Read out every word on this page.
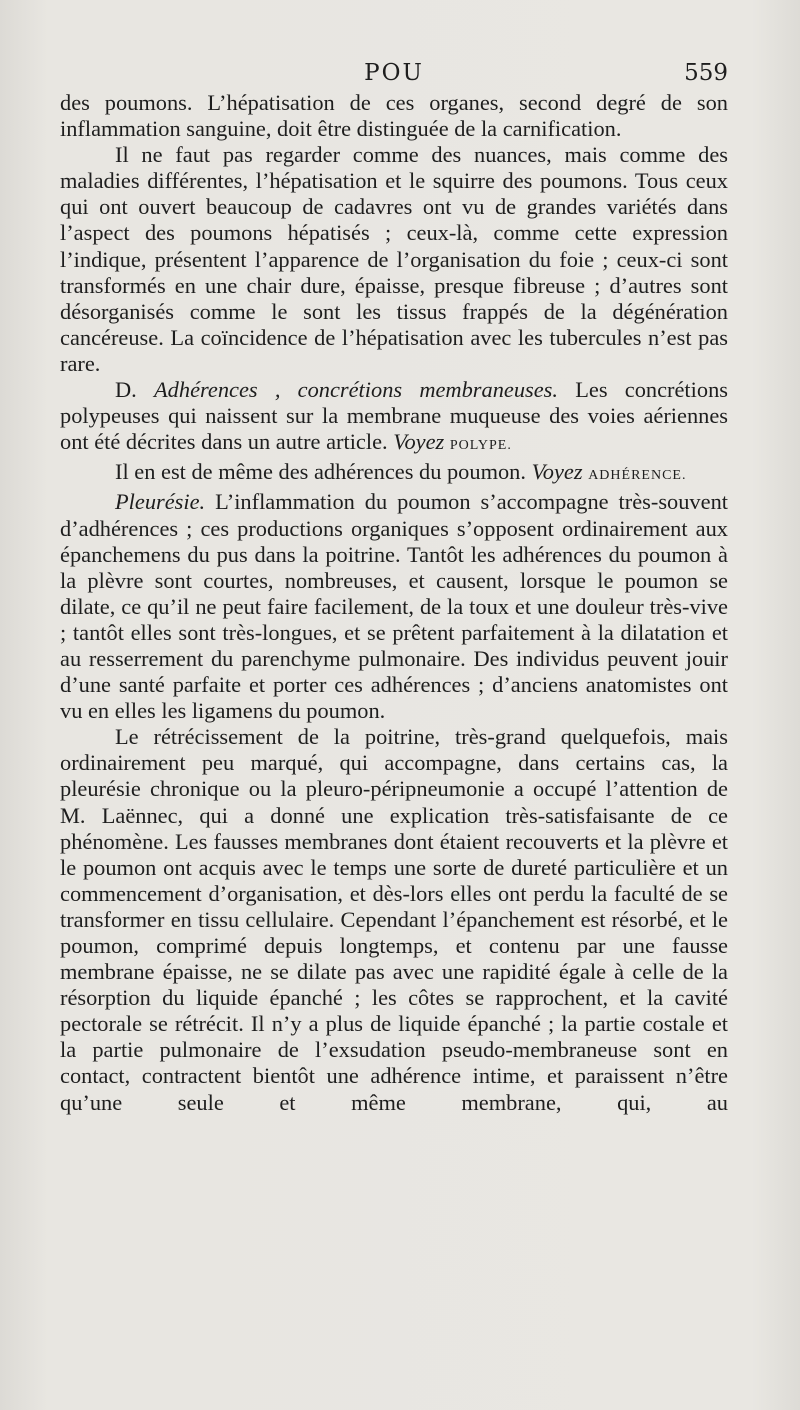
POU	559

des poumons. L’hépatisation de ces organes, second degré de son inflammation sanguine, doit être distinguée de la carnification.

Il ne faut pas regarder comme des nuances, mais comme des maladies différentes, l’hépatisation et le squirre des poumons. Tous ceux qui ont ouvert beaucoup de cadavres ont vu de grandes variétés dans l’aspect des poumons hépatisés ; ceux-là, comme cette expression l’indique, présentent l’apparence de l’organisation du foie ; ceux-ci sont transformés en une chair dure, épaisse, presque fibreuse ; d’autres sont désorganisés comme le sont les tissus frappés de la dégénération cancéreuse. La coïncidence de l’hépatisation avec les tubercules n’est pas rare.

D. Adhérences , concrétions membraneuses. Les concrétions polypeuses qui naissent sur la membrane muqueuse des voies aériennes ont été décrites dans un autre article. Voyez POLYPE.

Il en est de même des adhérences du poumon. Voyez ADHÉRENCE.

Pleurésie. L’inflammation du poumon s’accompagne très-souvent d’adhérences ; ces productions organiques s’opposent ordinairement aux épanchemens du pus dans la poitrine. Tantôt les adhérences du poumon à la plèvre sont courtes, nombreuses, et causent, lorsque le poumon se dilate, ce qu’il ne peut faire facilement, de la toux et une douleur très-vive ; tantôt elles sont très-longues, et se prêtent parfaitement à la dilatation et au resserrement du parenchyme pulmonaire. Des individus peuvent jouir d’une santé parfaite et porter ces adhérences ; d’anciens anatomistes ont vu en elles les ligamens du poumon.

Le rétrécissement de la poitrine, très-grand quelquefois, mais ordinairement peu marqué, qui accompagne, dans certains cas, la pleurésie chronique ou la pleuro-péripneumonie a occupé l’attention de M. Laënnec, qui a donné une explication très-satisfaisante de ce phénomène. Les fausses membranes dont étaient recouverts et la plèvre et le poumon ont acquis avec le temps une sorte de dureté particulière et un commencement d’organisation, et dès-lors elles ont perdu la faculté de se transformer en tissu cellulaire. Cependant l’épanchement est résorbé, et le poumon, comprimé depuis longtemps, et contenu par une fausse membrane épaisse, ne se dilate pas avec une rapidité égale à celle de la résorption du liquide épanché ; les côtes se rapprochent, et la cavité pectorale se rétrécit. Il n’y a plus de liquide épanché ; la partie costale et la partie pulmonaire de l’exsudation pseudo-membraneuse sont en contact, contractent bientôt une adhérence intime, et paraissent n’être qu’une seule et même membrane, qui, au
